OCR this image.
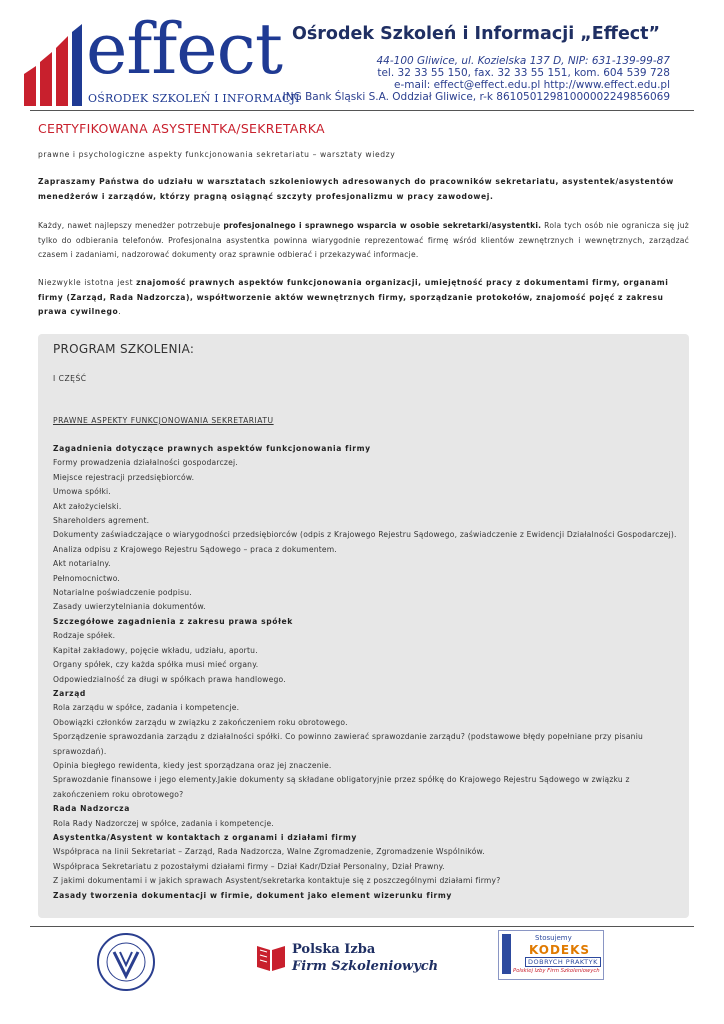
effect
OŚRODEK SZKOLEŃ I INFORMACJI
Ośrodek Szkoleń i Informacji „Effect”
44-100 Gliwice, ul. Kozielska 137 D, NIP: 631-139-99-87
tel. 32 33 55 150, fax. 32 33 55 151, kom. 604 539 728
e-mail: effect@effect.edu.pl http://www.effect.edu.pl
ING Bank Śląski S.A. Oddział Gliwice, r-k 86105012981000002249856069
CERTYFIKOWANA ASYSTENTKA/SEKRETARKA
prawne i psychologiczne aspekty funkcjonowania sekretariatu – warsztaty wiedzy
Zapraszamy Państwa do udziału w warsztatach szkoleniowych adresowanych do pracowników sekretariatu, asystentek/asystentów menedżerów i zarządów, którzy pragną osiągnąć szczyty profesjonalizmu w pracy zawodowej.
Każdy, nawet najlepszy menedżer potrzebuje profesjonalnego i sprawnego wsparcia w osobie sekretarki/asystentki. Rola tych osób nie ogranicza się już tylko do odbierania telefonów. Profesjonalna asystentka powinna wiarygodnie reprezentować firmę wśród klientów zewnętrznych i wewnętrznych, zarządzać czasem i zadaniami, nadzorować dokumenty oraz sprawnie odbierać i przekazywać informacje.
Niezwykle istotna jest znajomość prawnych aspektów funkcjonowania organizacji, umiejętność pracy z dokumentami firmy, organami firmy (Zarząd, Rada Nadzorcza), współtworzenie aktów wewnętrznych firmy, sporządzanie protokołów, znajomość pojęć z zakresu prawa cywilnego.
PROGRAM SZKOLENIA:
I CZĘŚĆ
PRAWNE ASPEKTY FUNKCJONOWANIA SEKRETARIATU
Zagadnienia dotyczące prawnych aspektów funkcjonowania firmy
Formy prowadzenia działalności gospodarczej.
Miejsce rejestracji przedsiębiorców.
Umowa spółki.
Akt założycielski.
Shareholders agrement.
Dokumenty zaświadczające o wiarygodności przedsiębiorców (odpis z Krajowego Rejestru Sądowego, zaświadczenie z Ewidencji Działalności Gospodarczej).
Analiza odpisu z Krajowego Rejestru Sądowego – praca z dokumentem.
Akt notarialny.
Pełnomocnictwo.
Notarialne poświadczenie podpisu.
Zasady uwierzytelniania dokumentów.
Szczegółowe zagadnienia z zakresu prawa spółek
Rodzaje spółek.
Kapitał zakładowy, pojęcie wkładu, udziału, aportu.
Organy spółek, czy każda spółka musi mieć organy.
Odpowiedzialność za długi w spółkach prawa handlowego.
Zarząd
Rola zarządu w spółce, zadania i kompetencje.
Obowiązki członków zarządu w związku z zakończeniem roku obrotowego.
Sporządzenie sprawozdania zarządu z działalności spółki. Co powinno zawierać sprawozdanie zarządu? (podstawowe błędy popełniane przy pisaniu sprawozdań).
Opinia biegłego rewidenta, kiedy jest sporządzana oraz jej znaczenie.
Sprawozdanie finansowe i jego elementy.Jakie dokumenty są składane obligatoryjnie przez spółkę do Krajowego Rejestru Sądowego w związku z zakończeniem roku obrotowego?
Rada Nadzorcza
Rola Rady Nadzorczej w spółce, zadania i kompetencje.
Asystentka/Asystent w kontaktach z organami i działami firmy
Współpraca na linii Sekretariat – Zarząd, Rada Nadzorcza, Walne Zgromadzenie, Zgromadzenie Wspólników.
Współpraca Sekretariatu z pozostałymi działami firmy – Dział Kadr/Dział Personalny, Dział Prawny.
Z jakimi dokumentami i w jakich sprawach Asystent/sekretarka kontaktuje się z poszczególnymi działami firmy?
Zasady tworzenia dokumentacji w firmie, dokument jako element wizerunku firmy
Polska Izba
Firm Szkoleniowych
Stosujemy
KODEKS
DOBRYCH PRAKTYK
Polskiej Izby Firm Szkoleniowych
